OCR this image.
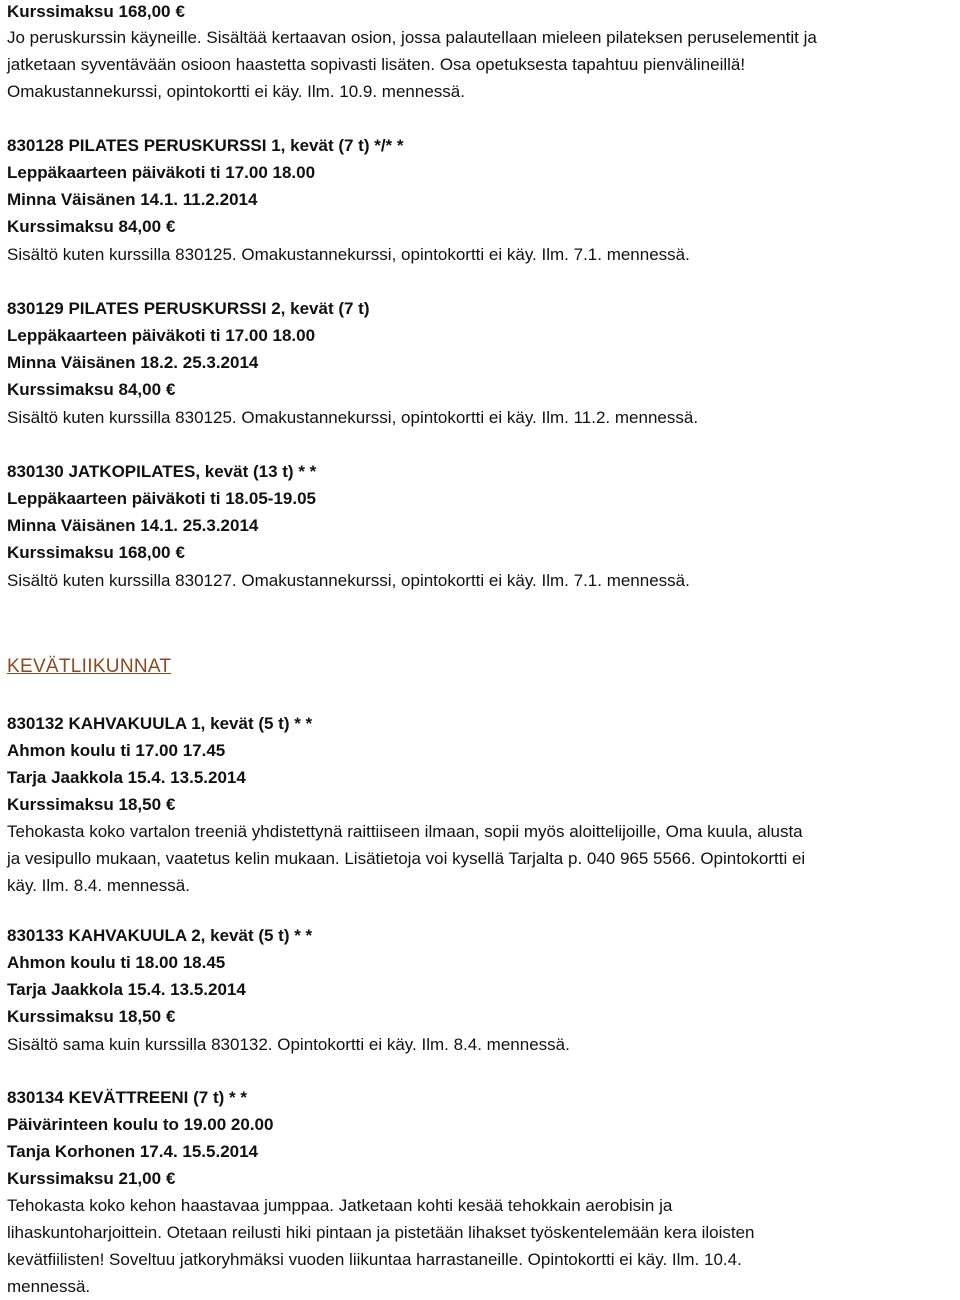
Kurssimaksu 168,00 €
Jo peruskurssin käyneille. Sisältää kertaavan osion, jossa palautellaan mieleen pilateksen peruselementit ja
jatketaan syventävään osioon haastetta sopivasti lisäten. Osa opetuksesta tapahtuu pienvälineillä!
Omakustannekurssi, opintokortti ei käy. Ilm. 10.9. mennessä.
830128 PILATES PERUSKURSSI 1, kevät (7 t) */* *
Leppäkaarteen päiväkoti ti 17.00 18.00
Minna Väisänen 14.1. 11.2.2014
Kurssimaksu 84,00 €
Sisältö kuten kurssilla 830125. Omakustannekurssi, opintokortti ei käy. Ilm. 7.1. mennessä.
830129 PILATES PERUSKURSSI 2, kevät (7 t)
Leppäkaarteen päiväkoti ti 17.00 18.00
Minna Väisänen 18.2. 25.3.2014
Kurssimaksu 84,00 €
Sisältö kuten kurssilla 830125. Omakustannekurssi, opintokortti ei käy. Ilm. 11.2. mennessä.
830130 JATKOPILATES, kevät (13 t) * *
Leppäkaarteen päiväkoti ti 18.05-19.05
Minna Väisänen 14.1. 25.3.2014
Kurssimaksu 168,00 €
Sisältö kuten kurssilla 830127. Omakustannekurssi, opintokortti ei käy. Ilm. 7.1. mennessä.
KEVÄTLIIKUNNAT
830132 KAHVAKUULA 1, kevät (5 t) * *
Ahmon koulu ti 17.00 17.45
Tarja Jaakkola 15.4. 13.5.2014
Kurssimaksu 18,50 €
Tehokasta koko vartalon treeniä yhdistettynä raittiiseen ilmaan, sopii myös aloittelijoille, Oma kuula, alusta
ja vesipullo mukaan, vaatetus kelin mukaan. Lisätietoja voi kysellä Tarjalta p. 040 965 5566. Opintokortti ei
käy. Ilm. 8.4. mennessä.
830133 KAHVAKUULA 2, kevät (5 t) * *
Ahmon koulu ti 18.00 18.45
Tarja Jaakkola 15.4. 13.5.2014
Kurssimaksu 18,50 €
Sisältö sama kuin kurssilla 830132. Opintokortti ei käy. Ilm. 8.4. mennessä.
830134 KEVÄTTREENI (7 t) * *
Päivärinteen koulu to 19.00 20.00
Tanja Korhonen 17.4. 15.5.2014
Kurssimaksu 21,00 €
Tehokasta koko kehon haastavaa jumppaa. Jatketaan kohti kesää tehokkain aerobisin ja
lihaskuntoharjoittein. Otetaan reilusti hiki pintaan ja pistetään lihakset työskentelemään kera iloisten
kevätfiilisten! Soveltuu jatkoryhmäksi vuoden liikuntaa harrastaneille. Opintokortti ei käy. Ilm. 10.4.
mennessä.
